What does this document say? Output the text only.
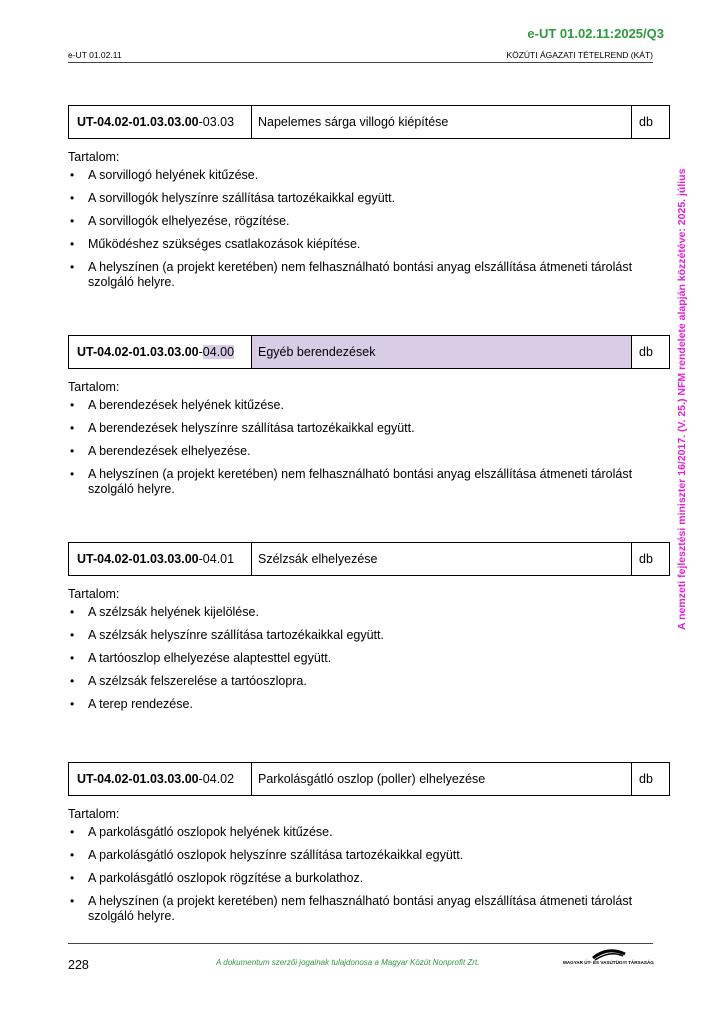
e-UT 01.02.11:2025/Q3
e-UT 01.02.11	KÖZÚTI ÁGAZATI TÉTELREND (KÁT)
A nemzeti fejlesztési miniszter 16/2017. (V. 25.) NFM rendelete alapján közzétéve: 2025. július
UT-04.02-01.03.03.00 -03.03	Napelemes sárga villogó kiépítése	db
Tartalom:
• A sorvillogó helyének kitűzése.
• A sorvillogók helyszínre szállítása tartozékaikkal együtt.
• A sorvillogók elhelyezése, rögzítése.
• Működéshez szükséges csatlakozások kiépítése.
• A helyszínen (a projekt keretében) nem felhasználható bontási anyag elszállítása átmeneti tárolást szolgáló helyre.
UT-04.02-01.03.03.00 - 04.00	Egyéb berendezések	db
Tartalom:
• A berendezések helyének kitűzése.
• A berendezések helyszínre szállítása tartozékaikkal együtt.
• A berendezések elhelyezése.
• A helyszínen (a projekt keretében) nem felhasználható bontási anyag elszállítása átmeneti tárolást szolgáló helyre.
UT-04.02-01.03.03.00 -04.01	Szélzsák elhelyezése	db
Tartalom:
• A szélzsák helyének kijelölése.
• A szélzsák helyszínre szállítása tartozékaikkal együtt.
• A tartóoszlop elhelyezése alaptesttel együtt.
• A szélzsák felszerelése a tartóoszlopra.
• A terep rendezése.
UT-04.02-01.03.03.00 -04.02	Parkolásgátló oszlop (poller) elhelyezése	db
Tartalom:
• A parkolásgátló oszlopok helyének kitűzése.
• A parkolásgátló oszlopok helyszínre szállítása tartozékaikkal együtt.
• A parkolásgátló oszlopok rögzítése a burkolathoz.
• A helyszínen (a projekt keretében) nem felhasználható bontási anyag elszállítása átmeneti tárolást szolgáló helyre.
228	A dokumentum szerzői jogainak tulajdonosa a Magyar Közút Nonprofit Zrt.	MAGYAR ÚT- ÉS VASÚTÜGYI TÁRSASÁG
